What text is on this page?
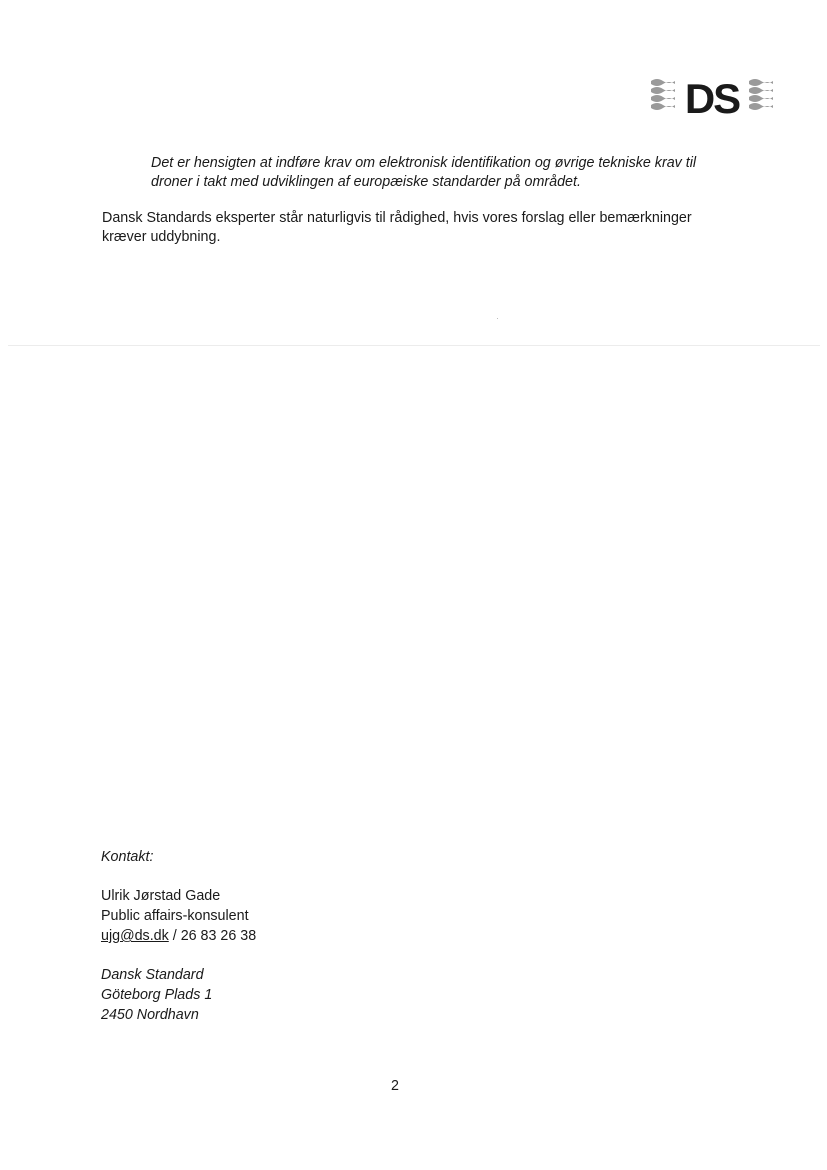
DS

Det er hensigten at indføre krav om elektronisk identifikation og øvrige tekniske krav til droner i takt med udviklingen af europæiske standarder på området.

Dansk Standards eksperter står naturligvis til rådighed, hvis vores forslag eller bemærkninger kræver uddybning.

Kontakt:
Ulrik Jørstad Gade
Public affairs-konsulent
ujg@ds.dk / 26 83 26 38
Dansk Standard
Göteborg Plads 1
2450 Nordhavn
2
